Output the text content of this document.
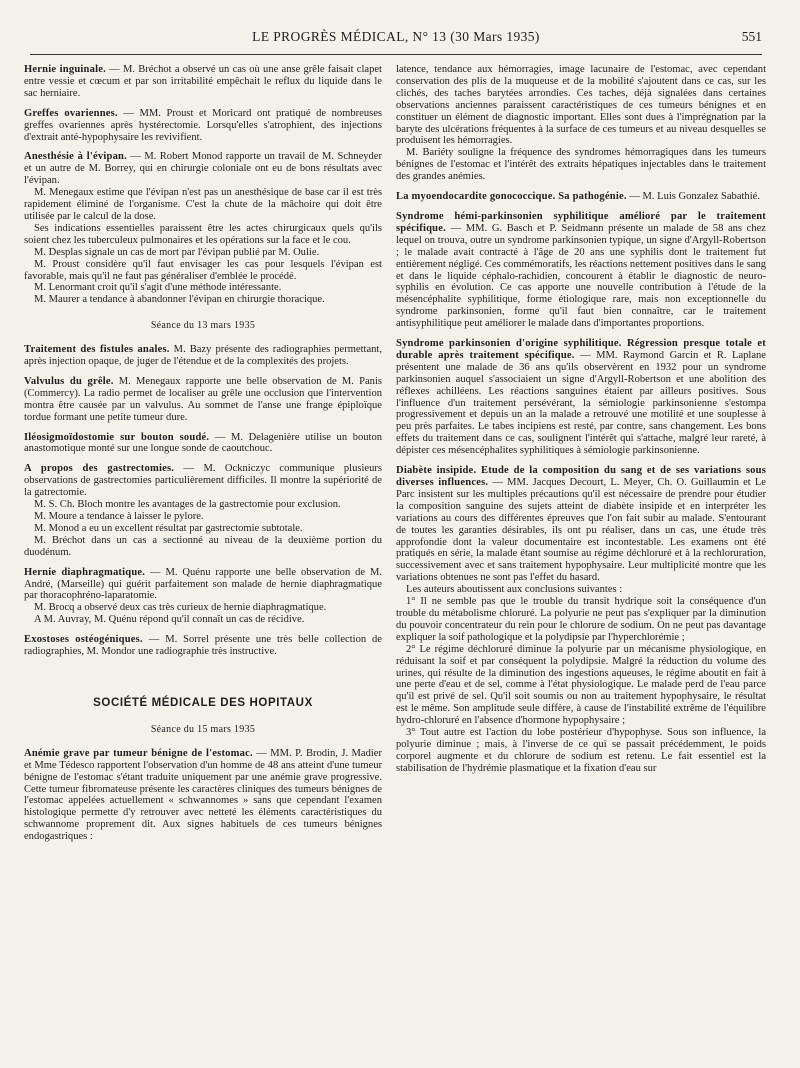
LE PROGRÈS MÉDICAL, N° 13 (30 Mars 1935)	551

Hernie inguinale. — M. Bréchot a observé un cas où une anse grêle faisait clapet entre vessie et cœcum et par son irritabilité empêchait le reflux du liquide dans le sac herniaire.

Greffes ovariennes. — MM. Proust et Moricard ont pratiqué de nombreuses greffes ovariennes après hystérectomie. Lorsqu'elles s'atrophient, des injections d'extrait anté-hypophysaire les revivifient.

Anesthésie à l'évipan. — M. Robert Monod rapporte un travail de M. Schneyder et un autre de M. Borrey, qui en chirurgie coloniale ont eu de bons résultats avec l'évipan.

M. Menegaux estime que l'évipan n'est pas un anesthésique de base car il est très rapidement éliminé de l'organisme. C'est la chute de la mâchoire qui doit être utilisée par le calcul de la dose.

Ses indications essentielles paraissent être les actes chirurgicaux quels qu'ils soient chez les tuberculeux pulmonaires et les opérations sur la face et le cou.

M. Desplas signale un cas de mort par l'évipan publié par M. Oulie.

M. Proust considère qu'il faut envisager les cas pour lesquels l'évipan est favorable, mais qu'il ne faut pas généraliser d'emblée le procédé.

M. Lenormant croit qu'il s'agit d'une méthode intéressante.

M. Maurer a tendance à abandonner l'évipan en chirurgie thoracique.

Séance du 13 mars 1935

Traitement des fistules anales. M. Bazy présente des radiographies permettant, après injection opaque, de juger de l'étendue et de la complexités des projets.

Valvulus du grêle. M. Menegaux rapporte une belle observation de M. Panis (Commercy). La radio permet de localiser au grêle une occlusion que l'intervention montra être causée par un valvulus. Au sommet de l'anse une frange épiploïque tordue formant une petite tumeur dure.

Iléosigmoïdostomie sur bouton soudé. — M. Delagenière utilise un bouton anastomotique monté sur une longue sonde de caoutchouc.

A propos des gastrectomies. — M. Ockniczyc communique plusieurs observations de gastrectomies particulièrement difficiles. Il montre la supériorité de la gatrectomie.

M. S. Ch. Bloch montre les avantages de la gastrectomie pour exclusion.

M. Moure a tendance à laisser le pylore.

M. Monod a eu un excellent résultat par gastrectomie subtotale.

M. Bréchot dans un cas a sectionné au niveau de la deuxième portion du duodénum.

Hernie diaphragmatique. — M. Quénu rapporte une belle observation de M. André, (Marseille) qui guérit parfaitement son malade de hernie diaphragmatique par thoracophréno-laparatomie.

M. Brocq a observé deux cas très curieux de hernie diaphragmatique.

A M. Auvray, M. Quénu répond qu'il connaît un cas de récidive.

Exostoses ostéogéniques. — M. Sorrel présente une très belle collection de radiographies, M. Mondor une radiographie très instructive.

SOCIÉTÉ MÉDICALE DES HOPITAUX
Séance du 15 mars 1935

Anémie grave par tumeur bénigne de l'estomac. — MM. P. Brodin, J. Madier et Mme Tédesco rapportent l'observation d'un homme de 48 ans atteint d'une tumeur bénigne de l'estomac s'étant traduite uniquement par une anémie grave progressive. Cette tumeur fibromateuse présente les caractères cliniques des tumeurs bénignes de l'estomac appelées actuellement « schwannomes » sans que cependant l'examen histologique permette d'y retrouver avec netteté les éléments caractéristiques du schwannome proprement dit. Aux signes habituels de ces tumeurs bénignes endogastriques :

latence, tendance aux hémorragies, image lacunaire de l'estomac, avec cependant conservation des plis de la muqueuse et de la mobilité s'ajoutent dans ce cas, sur les clichés, des taches barytées arrondies. Ces taches, déjà signalées dans certaines observations anciennes paraissent caractéristiques de ces tumeurs bénignes et en constituer un élément de diagnostic important. Elles sont dues à l'imprégnation par la baryte des ulcérations fréquentes à la surface de ces tumeurs et au niveau desquelles se produisent les hémorragies.

M. Bariéty souligne la fréquence des syndromes hémorragiques dans les tumeurs bénignes de l'estomac et l'intérêt des extraits hépatiques injectables dans le traitement des grandes anémies.

La myoendocardite gonococcique. Sa pathogénie. — M. Luis Gonzalez Sabathié.

Syndrome hémi-parkinsonien syphilitique amélioré par le traitement spécifique. — MM. G. Basch et P. Seidmann présente un malade de 58 ans chez lequel on trouva, outre un syndrome parkinsonien typique, un signe d'Argyll-Robertson ; le malade avait contracté à l'âge de 20 ans une syphilis dont le traitement fut entièrement négligé. Ces commémoratifs, les réactions nettement positives dans le sang et dans le liquide céphalo-rachidien, concourent à établir le diagnostic de neuro-syphilis en évolution. Ce cas apporte une nouvelle contribution à l'étude de la mésencéphalite syphilitique, forme étiologique rare, mais non exceptionnelle du syndrome parkinsonien, forme qu'il faut bien connaître, car le traitement antisyphilitique peut améliorer le malade dans d'importantes proportions.

Syndrome parkinsonien d'origine syphilitique. Régression presque totale et durable après traitement spécifique. — MM. Raymond Garcin et R. Laplane présentent une malade de 36 ans qu'ils observèrent en 1932 pour un syndrome parkinsonien auquel s'associaient un signe d'Argyll-Robertson et une abolition des réflexes achilléens. Les réactions sanguines étaient par ailleurs positives. Sous l'influence d'un traitement persévérant, la sémiologie parkinsonienne s'estompa progressivement et depuis un an la malade a retrouvé une motilité et une souplesse à peu près parfaites. Le tabes incipiens est resté, par contre, sans changement. Les bons effets du traitement dans ce cas, soulignent l'intérêt qui s'attache, malgré leur rareté, à dépister ces mésencéphalites syphilitiques à sémiologie parkinsonienne.

Diabète insipide. Etude de la composition du sang et de ses variations sous diverses influences. — MM. Jacques Decourt, L. Meyer, Ch. O. Guillaumin et Le Parc insistent sur les multiples précautions qu'il est nécessaire de prendre pour étudier la composition sanguine des sujets atteint de diabète insipide et en interpréter les variations au cours des différentes épreuves que l'on fait subir au malade. S'entourant de toutes les garanties désirables, ils ont pu réaliser, dans un cas, une étude très approfondie dont la valeur documentaire est incontestable. Les examens ont été pratiqués en série, la malade étant soumise au régime déchloruré et à la rechloruration, successivement avec et sans traitement hypophysaire. Leur multiplicité montre que les variations obtenues ne sont pas l'effet du hasard.

Les auteurs aboutissent aux conclusions suivantes :

1° Il ne semble pas que le trouble du transit hydrique soit la conséquence d'un trouble du métabolisme chloruré. La polyurie ne peut pas s'expliquer par la diminution du pouvoir concentrateur du rein pour le chlorure de sodium. On ne peut pas davantage expliquer la soif pathologique et la polydipsie par l'hyperchlorémie ;

2° Le régime déchloruré diminue la polyurie par un mécanisme physiologique, en réduisant la soif et par conséquent la polydipsie. Malgré la réduction du volume des urines, qui résulte de la diminution des ingestions aqueuses, le régime aboutit en fait à une perte d'eau et de sel, comme à l'état physiologique. Le malade perd de l'eau parce qu'il est privé de sel. Qu'il soit soumis ou non au traitement hypophysaire, le résultat est le même. Son amplitude seule diffère, à cause de l'instabilité extrême de l'équilibre hydro-chloruré en l'absence d'hormone hypophysaire ;

3° Tout autre est l'action du lobe postérieur d'hypophyse. Sous son influence, la polyurie diminue ; mais, à l'inverse de ce qui se passait précédemment, le poids corporel augmente et du chlorure de sodium est retenu. Le fait essentiel est la stabilisation de l'hydrémie plasmatique et la fixation d'eau sur
